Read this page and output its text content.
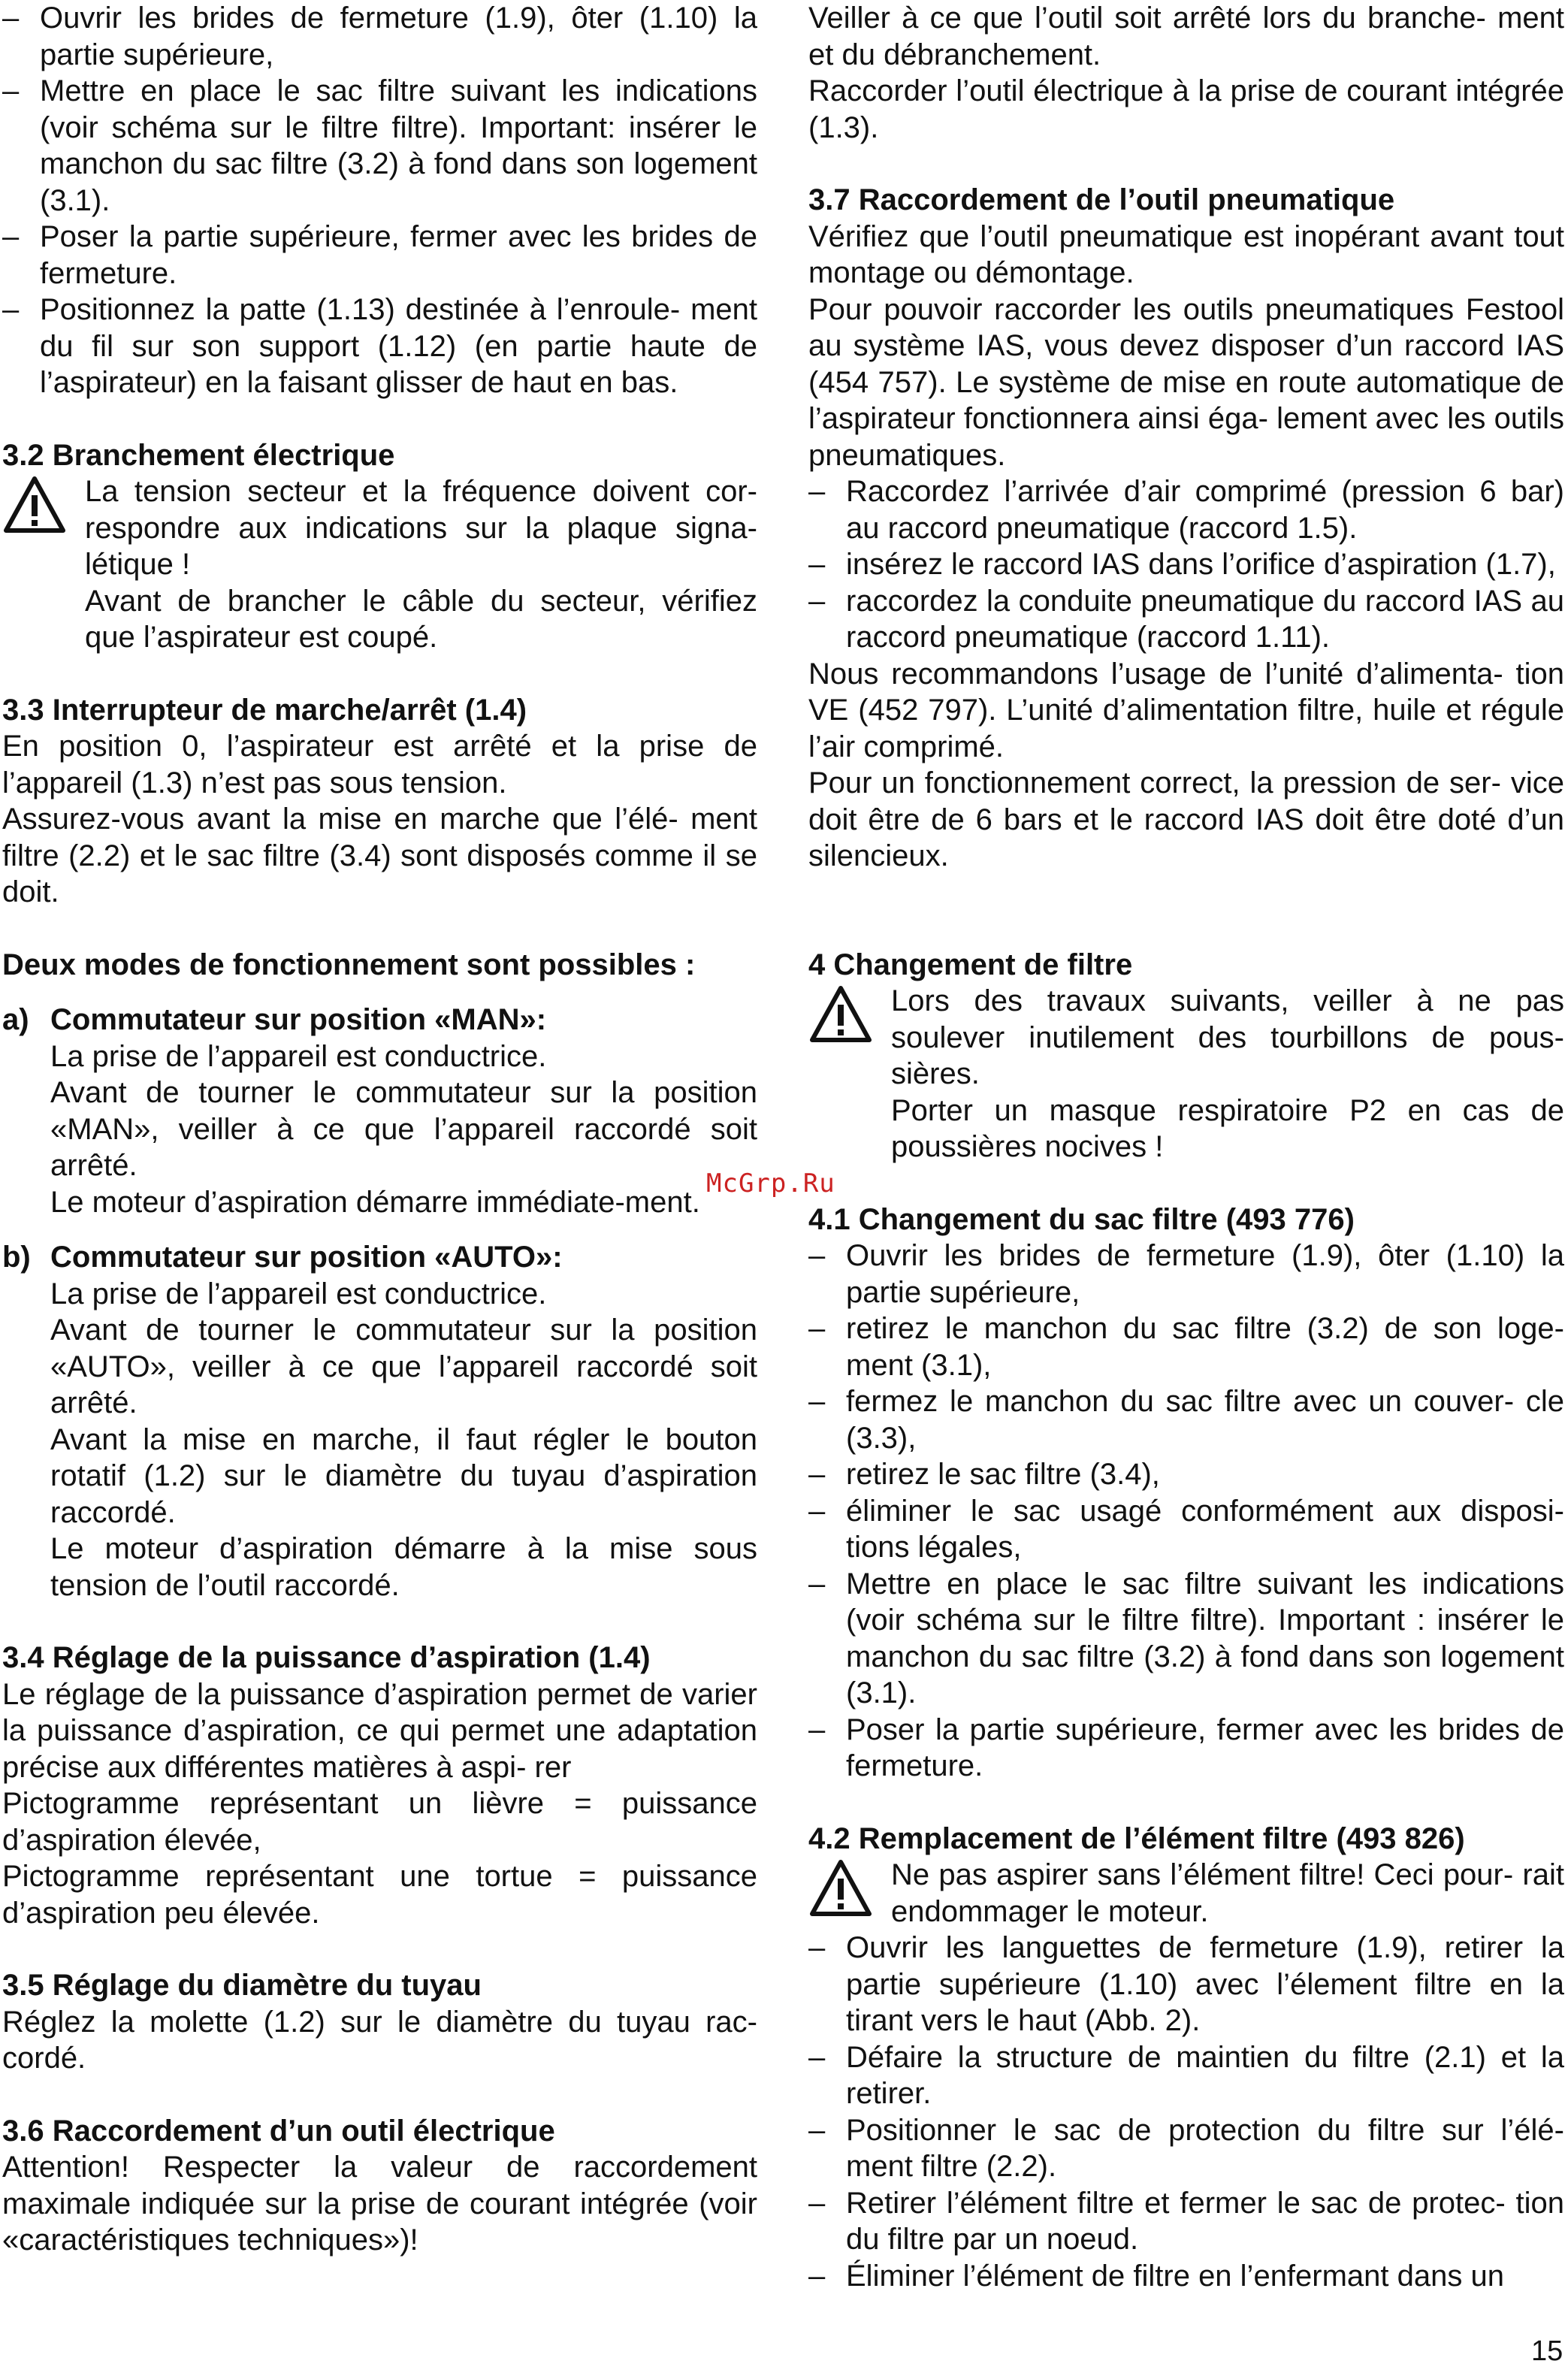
– Ouvrir les brides de fermeture (1.9), ôter (1.10) la partie supérieure,
– Mettre en place le sac filtre suivant les indications (voir schéma sur le filtre filtre). Important: insérer le manchon du sac filtre (3.2) à fond dans son logement (3.1).
– Poser la partie supérieure, fermer avec les brides de fermeture.
– Positionnez la patte (1.13) destinée à l’enroule- ment du fil sur son support (1.12) (en partie haute de l’aspirateur) en la faisant glisser de haut en bas.

3.2 Branchement électrique

La tension secteur et la fréquence doivent cor- respondre aux indications sur la plaque signa- létique !

Avant de brancher le câble du secteur, vérifiez que l’aspirateur est coupé.

3.3 Interrupteur de marche/arrêt (1.4)

En position 0, l’aspirateur est arrêté et la prise de l’appareil (1.3) n’est pas sous tension.

Assurez-vous avant la mise en marche que l’élé- ment filtre (2.2) et le sac filtre (3.4) sont disposés comme il se doit.

Deux modes de fonctionnement sont possibles :

a) Commutateur sur position «MAN»:
La prise de l’appareil est conductrice.
Avant de tourner le commutateur sur la position «MAN», veiller à ce que l’appareil raccordé soit arrêté.
Le moteur d’aspiration démarre immédiate-ment.
b) Commutateur sur position «AUTO»:
La prise de l’appareil est conductrice.
Avant de tourner le commutateur sur la position «AUTO», veiller à ce que l’appareil raccordé soit arrêté.
Avant la mise en marche, il faut régler le bouton rotatif (1.2) sur le diamètre du tuyau d’aspiration raccordé.
Le moteur d’aspiration démarre à la mise sous tension de l’outil raccordé.

3.4 Réglage de la puissance d’aspiration (1.4)

Le réglage de la puissance d’aspiration permet de varier la puissance d’aspiration, ce qui permet une adaptation précise aux différentes matières à aspi- rer

Pictogramme représentant un lièvre = puissance d’aspiration élevée,

Pictogramme représentant une tortue = puissance d’aspiration peu élevée.

3.5 Réglage du diamètre du tuyau

Réglez la molette (1.2) sur le diamètre du tuyau rac- cordé.

3.6 Raccordement d’un outil électrique

Attention! Respecter la valeur de raccordement maximale indiquée sur la prise de courant intégrée (voir «caractéristiques techniques»)!

Veiller à ce que l’outil soit arrêté lors du branche- ment et du débranchement.

Raccorder l’outil électrique à la prise de courant intégrée (1.3).

3.7 Raccordement de l’outil pneumatique

Vérifiez que l’outil pneumatique est inopérant avant tout montage ou démontage.

Pour pouvoir raccorder les outils pneumatiques Festool au système IAS, vous devez disposer d’un raccord IAS (454 757). Le système de mise en route automatique de l’aspirateur fonctionnera ainsi éga- lement avec les outils pneumatiques.

– Raccordez l’arrivée d’air comprimé (pression 6 bar) au raccord pneumatique (raccord 1.5).
– insérez le raccord IAS dans l’orifice d’aspiration (1.7),
– raccordez la conduite pneumatique du raccord IAS au raccord pneumatique (raccord 1.11).

Nous recommandons l’usage de l’unité d’alimenta- tion VE (452 797). L’unité d’alimentation filtre, huile et régule l’air comprimé.

Pour un fonctionnement correct, la pression de ser- vice doit être de 6 bars et le raccord IAS doit être doté d’un silencieux.

4 Changement de filtre

Lors des travaux suivants, veiller à ne pas soulever inutilement des tourbillons de pous- sières.

Porter un masque respiratoire P2 en cas de poussières nocives !

4.1 Changement du sac filtre (493 776)

– Ouvrir les brides de fermeture (1.9), ôter (1.10) la partie supérieure,
– retirez le manchon du sac filtre (3.2) de son loge- ment (3.1),
– fermez le manchon du sac filtre avec un couver- cle (3.3),
– retirez le sac filtre (3.4),
– éliminer le sac usagé conformément aux disposi- tions légales,
– Mettre en place le sac filtre suivant les indications (voir schéma sur le filtre filtre). Important : insérer le manchon du sac filtre (3.2) à fond dans son logement (3.1).
– Poser la partie supérieure, fermer avec les brides de fermeture.

4.2 Remplacement de l’élément filtre (493 826)

Ne pas aspirer sans l’élément filtre! Ceci pour- rait endommager le moteur.

– Ouvrir les languettes de fermeture (1.9), retirer la partie supérieure (1.10) avec l’élement filtre en la tirant vers le haut (Abb. 2).
– Défaire la structure de maintien du filtre (2.1) et la retirer.
– Positionner le sac de protection du filtre sur l’élé- ment filtre (2.2).
– Retirer l’élément filtre et fermer le sac de protec- tion du filtre par un noeud.
– Éliminer l’élément de filtre en l’enfermant dans un
McGrp.Ru
15
